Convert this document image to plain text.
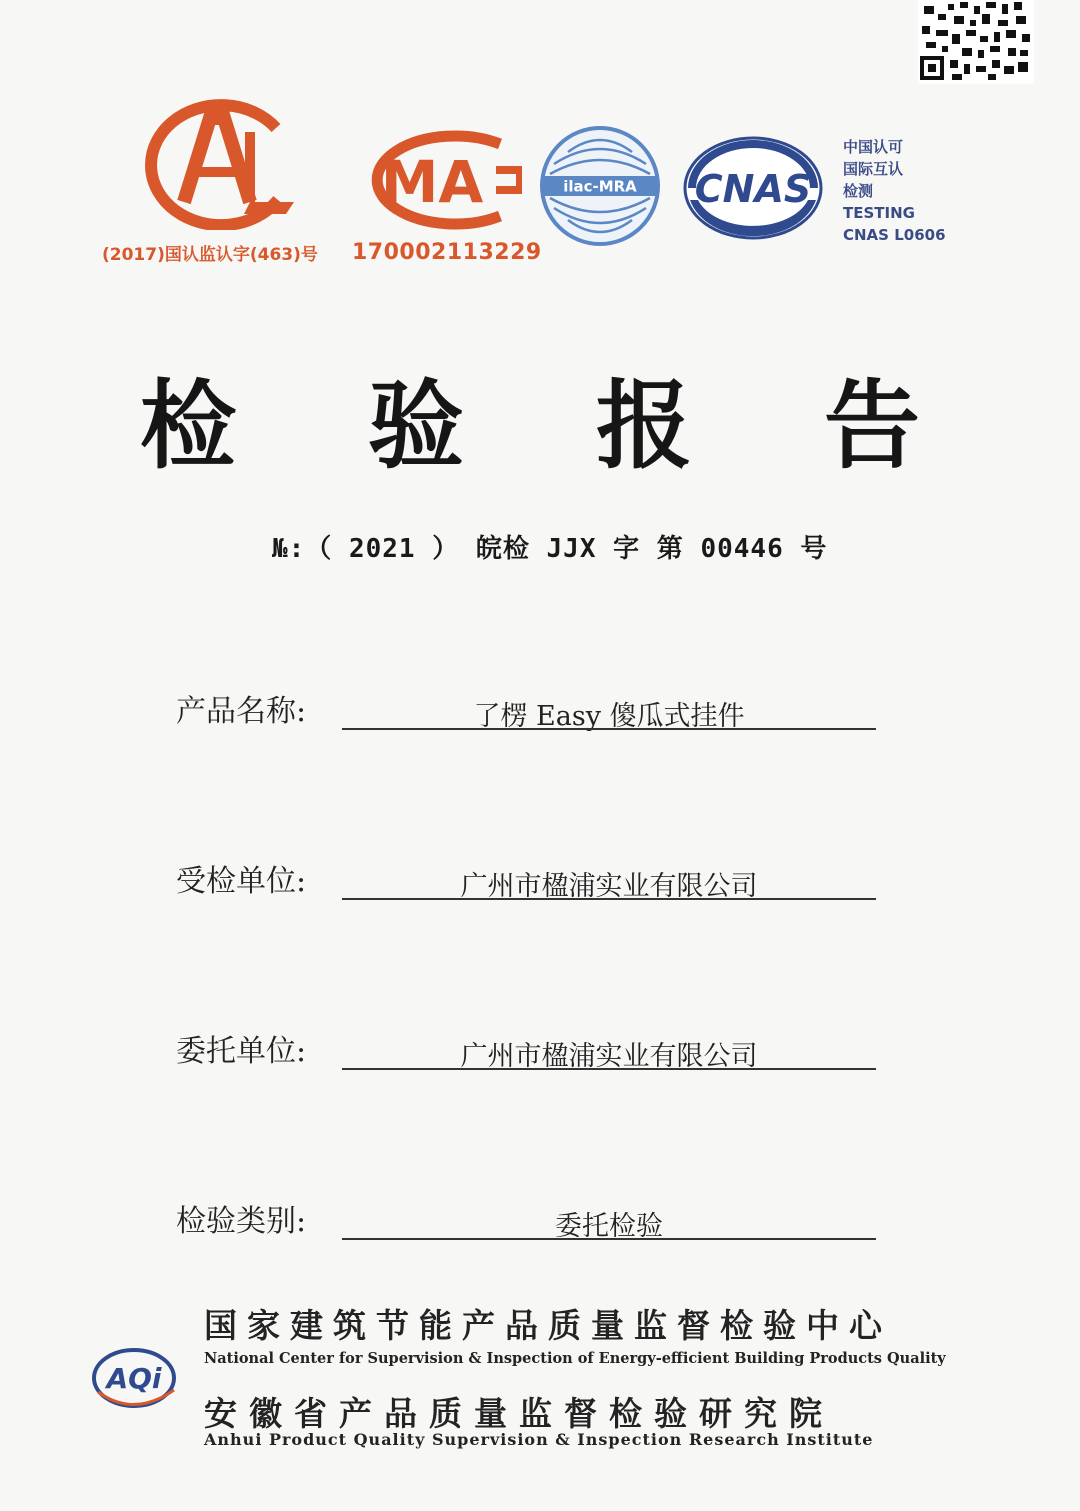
(2017)国认监认字(463)号
MA
170002113229
ilac-MRA CNAS
中国认可
国际互认
检测
TESTING
CNAS L0606
检 验 报 告
№:（ 2021 ） 皖检 JJX 字 第 00446 号
产品名称:	了楞 Easy 傻瓜式挂件
受检单位:	广州市楹浦实业有限公司
委托单位:	广州市楹浦实业有限公司
检验类别:	委托检验
AQi
国家建筑节能产品质量监督检验中心
National Center for Supervision & Inspection of Energy-efficient Building Products Quality
安徽省产品质量监督检验研究院
Anhui Product Quality Supervision & Inspection Research Institute
